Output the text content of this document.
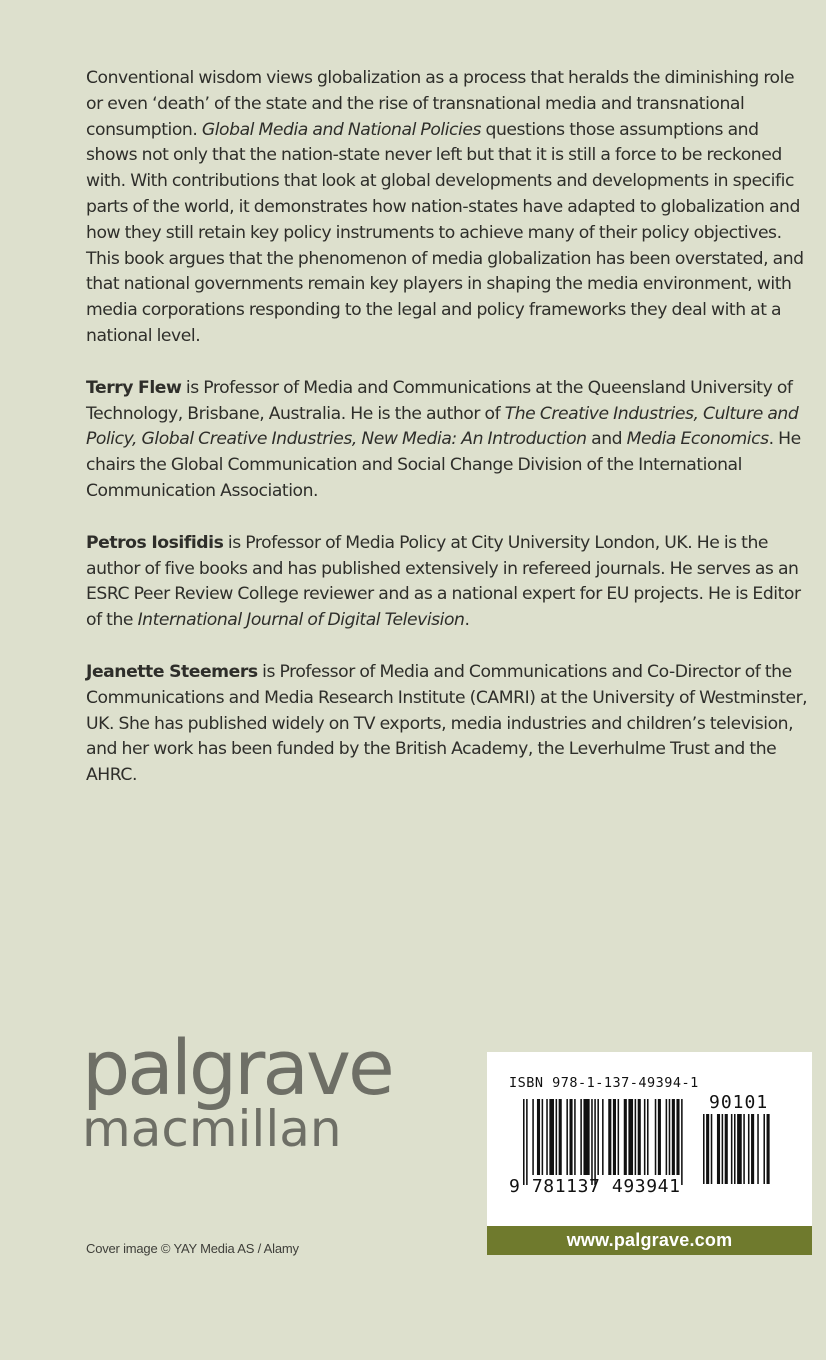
Conventional wisdom views globalization as a process that heralds the diminishing role or even ‘death’ of the state and the rise of transnational media and transnational consumption. Global Media and National Policies questions those assumptions and shows not only that the nation-state never left but that it is still a force to be reckoned with. With contributions that look at global developments and developments in specific parts of the world, it demonstrates how nation-states have adapted to globalization and how they still retain key policy instruments to achieve many of their policy objectives. This book argues that the phenomenon of media globalization has been overstated, and that national governments remain key players in shaping the media environment, with media corporations responding to the legal and policy frameworks they deal with at a national level.

Terry Flew is Professor of Media and Communications at the Queensland University of Technology, Brisbane, Australia. He is the author of The Creative Industries, Culture and Policy, Global Creative Industries, New Media: An Introduction and Media Economics. He chairs the Global Communication and Social Change Division of the International Communication Association.

Petros Iosifidis is Professor of Media Policy at City University London, UK. He is the author of five books and has published extensively in refereed journals. He serves as an ESRC Peer Review College reviewer and as a national expert for EU projects. He is Editor of the International Journal of Digital Television.

Jeanette Steemers is Professor of Media and Communications and Co-Director of the Communications and Media Research Institute (CAMRI) at the University of Westminster, UK. She has published widely on TV exports, media industries and children’s television, and her work has been funded by the British Academy, the Leverhulme Trust and the AHRC.

palgrave
macmillan
Cover image © YAY Media AS / Alamy
ISBN 978-1-137-49394-1
90101
9 781137 493941
www.palgrave.com
